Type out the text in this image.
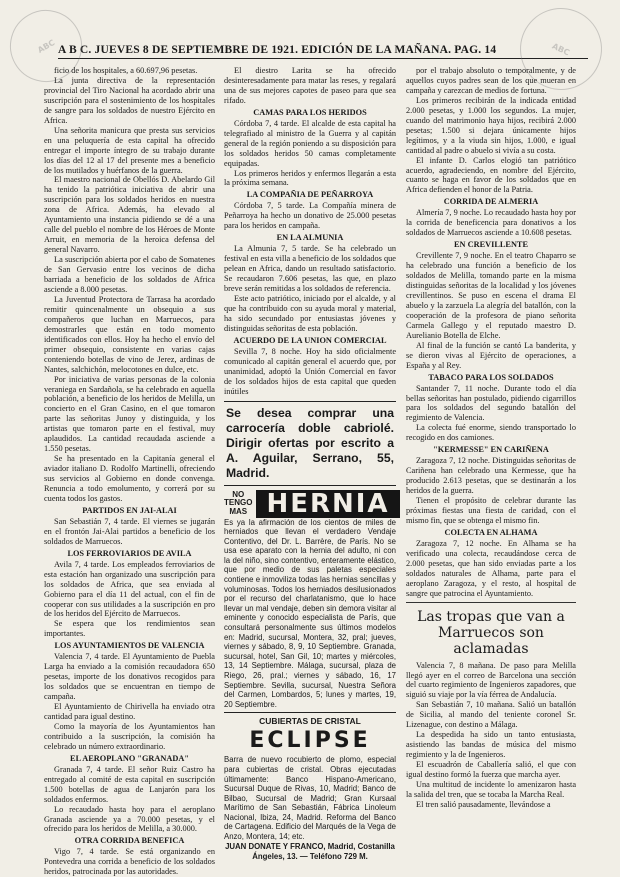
A B C. JUEVES 8 DE SEPTIEMBRE DE 1921. EDICIÓN DE LA MAÑANA. PAG. 14
ABC	ABC

ficio de los hospitales, a 60.697,96 pesetas.

La junta directiva de la representación provincial del Tiro Nacional ha acordado abrir una suscripción para el sostenimiento de los hospitales de sangre para los soldados de nuestro Ejército en Africa.

Una señorita manicura que presta sus servicios en una peluquería de esta capital ha ofrecido entregar el importe íntegro de su trabajo durante los días del 12 al 17 del presente mes a beneficio de los mutilados y huérfanos de la guerra.

El maestro nacional de Obellós D. Abelardo Gil ha tenido la patriótica iniciativa de abrir una suscripción para los soldados heridos en nuestra zona de Africa. Además, ha elevado al Ayuntamiento una instancia pidiendo se dé a una calle del pueblo el nombre de los Héroes de Monte Arruit, en memoria de la heroica defensa del general Navarro.

La suscripción abierta por el cabo de Somatenes de San Gervasio entre los vecinos de dicha barriada a beneficio de los soldados de Africa asciende a 8.000 pesetas.

La Juventud Protectora de Tarrasa ha acordado remitir quincenalmente un obsequio a sus compañeros que luchan en Marruecos, para demostrarles que están en todo momento identificados con ellos. Hoy ha hecho el envío del primer obsequio, consistente en varias cajas conteniendo botellas de vino de Jerez, ardinas de Nantes, salchichón, melocotones en dulce, etc.

Por iniciativa de varias personas de la colonia veraniega en Sardañola, se ha celebrado en aquella población, a beneficio de los heridos de Melilla, un concierto en el Gran Casino, en el que tomaron parte las señoritas Junoy y distinguida, y los artistas que tomaron parte en el festival, muy aplaudidos. La cantidad recaudada asciende a 1.550 pesetas.

Se ha presentado en la Capitanía general el aviador italiano D. Rodolfo Martinelli, ofreciendo sus servicios al Gobierno en donde convenga. Renuncia a todo emolumento, y correrá por su cuenta todos los gastos.

PARTIDOS EN JAI-ALAI

San Sebastián 7, 4 tarde. El viernes se jugarán en el frontón Jai-Alai partidos a beneficio de los soldados de Marruecos.

LOS FERROVIARIOS DE AVILA

Avila 7, 4 tarde. Los empleados ferroviarios de esta estación han organizado una suscripción para los soldados de Africa, que sea enviada al Gobierno para el día 11 del actual, con el fin de cooperar con sus utilidades a la suscripción en pro de los heridos del Ejército de Marruecos.

Se espera que los rendimientos sean importantes.

LOS AYUNTAMIENTOS DE VALENCIA

Valencia 7, 4 tarde. El Ayuntamiento de Puebla Larga ha enviado a la comisión recaudadora 650 pesetas, importe de los donativos recogidos para los soldados que se encuentran en tiempo de campaña.

El Ayuntamiento de Chirivella ha enviado otra cantidad para igual destino.

Como la mayoría de los Ayuntamientos han contribuido a la suscripción, la comisión ha celebrado un número extraordinario.

EL AEROPLANO "GRANADA"

Granada 7, 4 tarde. El señor Ruiz Castro ha entregado al comité de esta capital en suscripción 1.500 botellas de agua de Lanjarón para los soldados enfermos.

Lo recaudado hasta hoy para el aeroplano Granada asciende ya a 70.000 pesetas, y el ofrecido para los heridos de Melilla, a 30.000.

OTRA CORRIDA BENEFICA

Vigo 7, 4 tarde. Se está organizando en Pontevedra una corrida a beneficio de los soldados heridos, patrocinada por las autoridades.

El diestro Larita se ha ofrecido desinteresadamente para matar las reses, y regalará una de sus mejores capotes de paseo para que sea rifado.

CAMAS PARA LOS HERIDOS

Córdoba 7, 4 tarde. El alcalde de esta capital ha telegrafiado al ministro de la Guerra y al capitán general de la región poniendo a su disposición para los soldados heridos 50 camas completamente equipadas.

Los primeros heridos y enfermos llegarán a esta la próxima semana.

LA COMPAÑIA DE PEÑARROYA

Córdoba 7, 5 tarde. La Compañía minera de Peñarroya ha hecho un donativo de 25.000 pesetas para los heridos en campaña.

EN LA ALMUNIA

La Almunia 7, 5 tarde. Se ha celebrado un festival en esta villa a beneficio de los soldados que pelean en Africa, dando un resultado satisfactorio. Se recaudaron 7.606 pesetas, las que, en plazo breve serán remitidas a los soldados de referencia.

Este acto patriótico, iniciado por el alcalde, y al que ha contribuido con su ayuda moral y material, ha sido secundado por entusiastas jóvenes y distinguidas señoritas de esta población.

ACUERDO DE LA UNION COMERCIAL

Sevilla 7, 8 noche. Hoy ha sido oficialmente comunicado al capitán general el acuerdo que, por unanimidad, adoptó la Unión Comercial en favor de los soldados hijos de esta capital que queden inútiles

Se desea comprar una carrocería doble cabriolé. Dirigir ofertas por escrito a A. Aguilar, Serrano, 55, Madrid.
NO TENGO MAS HERNIA
Es ya la afirmación de los cientos de miles de herniados que llevan el verdadero Vendaje Contentivo, del Dr. L. Barrère, de París. No se usa ese aparato con la hernia del adulto, ni con la del niño, sino contentivo, enteramente elástico, que por medio de sus paletas especiales contiene e inmoviliza todas las hernias sencillas y voluminosas. Todos los herniados desilusionados por el recurso del charlatanismo, que lo hace llevar un mal vendaje, deben sin demora visitar al eminente y conocido especialista de París, que consultará personalmente sus últimos modelos en: Madrid, sucursal, Montera, 32, pral; jueves, viernes y sábado, 8, 9, 10 Septiembre. Granada, sucursal, hotel, San Gil, 10; martes y miércoles, 13, 14 Septiembre. Málaga, sucursal, plaza de Riego, 26, pral.; viernes y sábado, 16, 17 Septiembre. Sevilla, sucursal, Nuestra Señora del Carmen, Lombardos, 5; lunes y martes, 19, 20 Septiembre.
CUBIERTAS DE CRISTAL
ECLIPSE
Barra de nuevo rocubierto de plomo, especial para cubiertas de cristal. Obras ejecutadas últimamente: Banco Hispano-Americano, Sucursal Duque de Rivas, 10, Madrid; Banco de Bilbao, Sucursal de Madrid; Gran Kursaal Marítimo de San Sebastián, Fábrica Linoleum Nacional, Ibiza, 24, Madrid. Reforma del Banco de Cartagena. Edificio del Marqués de la Vega de Anzo, Montera, 14; etc.
JUAN DONATE Y FRANCO, Madrid, Costanilla Ángeles, 13. — Teléfono 729 M.

por el trabajo absoluto o temporalmente, y de aquellos cuyos padres sean de los que mueran en campaña y carezcan de medios de fortuna.

Los primeros recibirán de la indicada entidad 2.000 pesetas, y 1.000 los segundos. La mujer, cuando del matrimonio haya hijos, recibirá 2.000 pesetas; 1.500 si dejara únicamente hijos legítimos, y a la viuda sin hijos, 1.000, e igual cantidad al padre o abuelo si vivía a su costa.

El infante D. Carlos elogió tan patriótico acuerdo, agradeciendo, en nombre del Ejército, cuanto se haga en favor de los soldados que en Africa defienden el honor de la Patria.

CORRIDA DE ALMERIA

Almería 7, 9 noche. Lo recaudado hasta hoy por la corrida de beneficencia para donativos a los soldados de Marruecos asciende a 10.608 pesetas.

EN CREVILLENTE

Crevillente 7, 9 noche. En el teatro Chaparro se ha celebrado una función a beneficio de los soldados de Melilla, tomando parte en la misma distinguidas señoritas de la localidad y los jóvenes crevillentinos. Se puso en escena el drama El abuelo y la zarzuela La alegría del batallón, con la cooperación de la profesora de piano señorita Carmela Gallego y el reputado maestro D. Aurelianio Botella de Elche.

Al final de la función se cantó La banderita, y se dieron vivas al Ejército de operaciones, a España y al Rey.

TABACO PARA LOS SOLDADOS

Santander 7, 11 noche. Durante todo el día bellas señoritas han postulado, pidiendo cigarrillos para los soldados del segundo batallón del regimiento de Valencia.

La colecta fué enorme, siendo transportado lo recogido en dos camiones.

"KERMESSE" EN CARIÑENA

Zaragoza 7, 12 noche. Distinguidas señoritas de Cariñena han celebrado una Kermesse, que ha producido 2.613 pesetas, que se destinarán a los heridos de la guerra.

Tienen el propósito de celebrar durante las próximas fiestas una fiesta de caridad, con el mismo fin, que se obtenga el mismo fin.

COLECTA EN ALHAMA

Zaragoza 7, 12 noche. En Alhama se ha verificado una colecta, recaudándose cerca de 2.000 pesetas, que han sido enviadas parte a los soldados naturales de Alhama, parte para el aeroplano Zaragoza, y el resto, al hospital de sangre que patrocina el Ayuntamiento.

Las tropas que van a Marruecos son aclamadas

Valencia 7, 8 mañana. De paso para Melilla llegó ayer en el correo de Barcelona una sección del cuarto regimiento de Ingenieros zapadores, que siguió su viaje por la vía férrea de Andalucía.

San Sebastián 7, 10 mañana. Salió un batallón de Sicilia, al mando del teniente coronel Sr. Lizenague, con destino a Málaga.

La despedida ha sido un tanto entusiasta, asistiendo las bandas de música del mismo regimiento y la de Ingenieros.

El escuadrón de Caballería salió, el que con igual destino formó la fuerza que marcha ayer.

Una multitud de incidente lo amenizaron hasta la salida del tren, que se tocaba la Marcha Real.

El tren salió pausadamente, llevándose a
